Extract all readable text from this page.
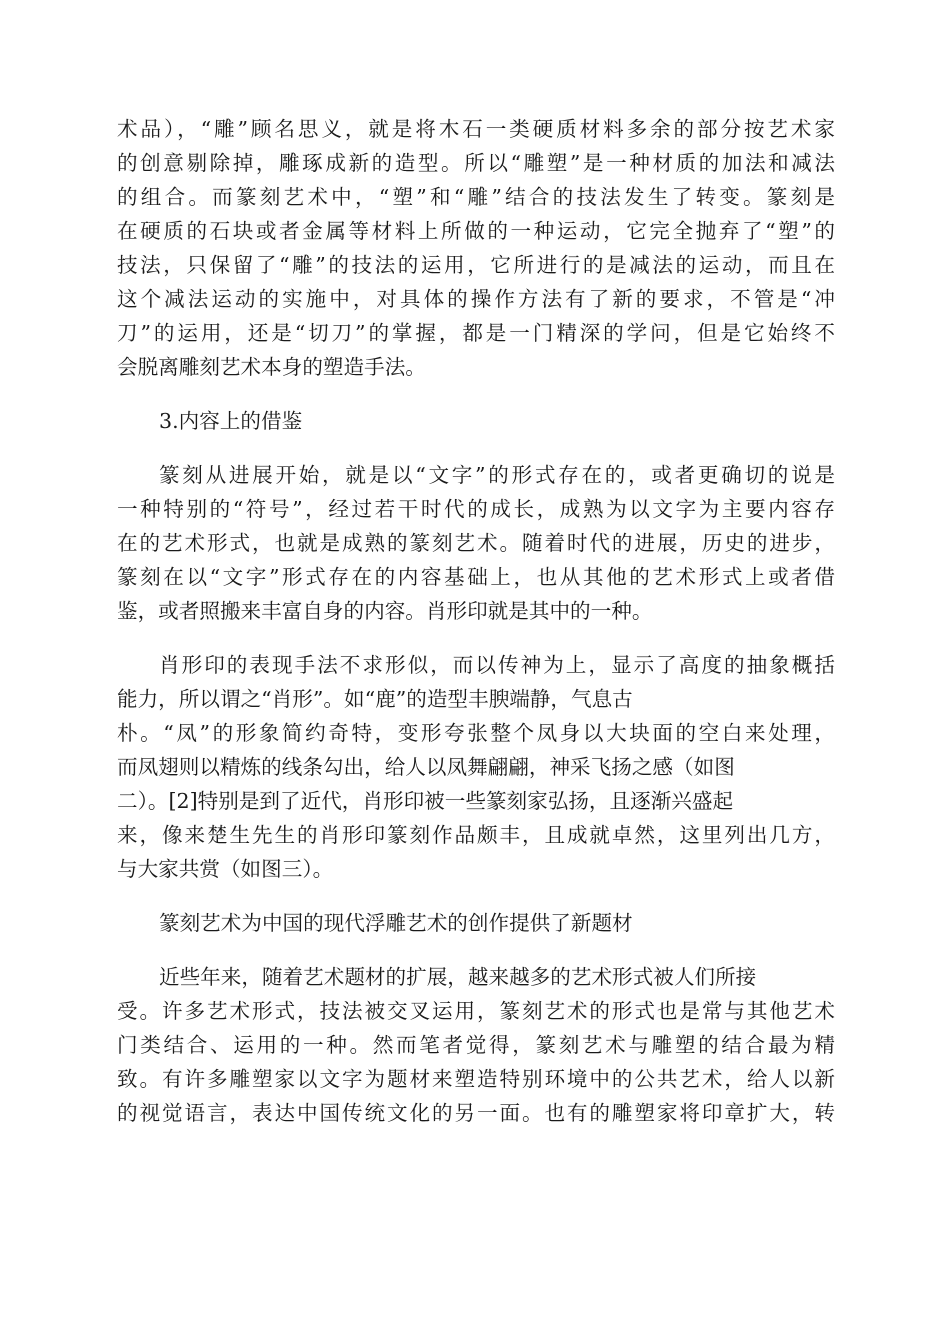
术品），“雕”顾名思义，就是将木石一类硬质材料多余的部分按艺术家
的创意剔除掉，雕琢成新的造型。所以“雕塑”是一种材质的加法和减法
的组合。而篆刻艺术中，“塑”和“雕”结合的技法发生了转变。篆刻是
在硬质的石块或者金属等材料上所做的一种运动，它完全抛弃了“塑”的
技法，只保留了“雕”的技法的运用，它所进行的是减法的运动，而且在
这个减法运动的实施中，对具体的操作方法有了新的要求，不管是“冲
刀”的运用，还是“切刀”的掌握，都是一门精深的学问，但是它始终不
会脱离雕刻艺术本身的塑造手法。
3.内容上的借鉴
篆刻从进展开始，就是以“文字”的形式存在的，或者更确切的说是
一种特别的“符号”，经过若干时代的成长，成熟为以文字为主要内容存
在的艺术形式，也就是成熟的篆刻艺术。随着时代的进展，历史的进步，
篆刻在以“文字”形式存在的内容基础上，也从其他的艺术形式上或者借
鉴，或者照搬来丰富自身的内容。肖形印就是其中的一种。
肖形印的表现手法不求形似，而以传神为上，显示了高度的抽象概括
能力，所以谓之“肖形”。如“鹿”的造型丰腴端静，气息古
朴。“凤”的形象简约奇特，变形夸张整个凤身以大块面的空白来处理，
而凤翅则以精炼的线条勾出，给人以凤舞翩翩，神采飞扬之感（如图
二）。[2]特别是到了近代，肖形印被一些篆刻家弘扬，且逐渐兴盛起
来，像来楚生先生的肖形印篆刻作品颇丰，且成就卓然，这里列出几方，
与大家共赏（如图三）。
篆刻艺术为中国的现代浮雕艺术的创作提供了新题材
近些年来，随着艺术题材的扩展，越来越多的艺术形式被人们所接
受。许多艺术形式，技法被交叉运用，篆刻艺术的形式也是常与其他艺术
门类结合、运用的一种。然而笔者觉得，篆刻艺术与雕塑的结合最为精
致。有许多雕塑家以文字为题材来塑造特别环境中的公共艺术，给人以新
的视觉语言，表达中国传统文化的另一面。也有的雕塑家将印章扩大，转
